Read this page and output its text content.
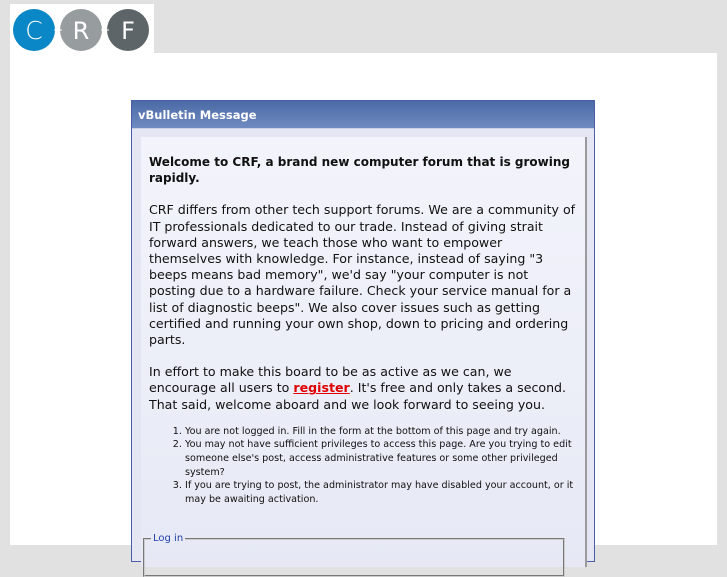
C R F
vBulletin Message

Welcome to CRF, a brand new computer forum that is growing rapidly.

CRF differs from other tech support forums. We are a community of IT professionals dedicated to our trade. Instead of giving strait forward answers, we teach those who want to empower themselves with knowledge. For instance, instead of saying "3 beeps means bad memory", we'd say "your computer is not posting due to a hardware failure. Check your service manual for a list of diagnostic beeps". We also cover issues such as getting certified and running your own shop, down to pricing and ordering parts.

In effort to make this board to be as active as we can, we encourage all users to register. It's free and only takes a second. That said, welcome aboard and we look forward to seeing you.

1. You are not logged in. Fill in the form at the bottom of this page and try again.
2. You may not have sufficient privileges to access this page. Are you trying to edit someone else's post, access administrative features or some other privileged system?
3. If you are trying to post, the administrator may have disabled your account, or it may be awaiting activation.
Log in
